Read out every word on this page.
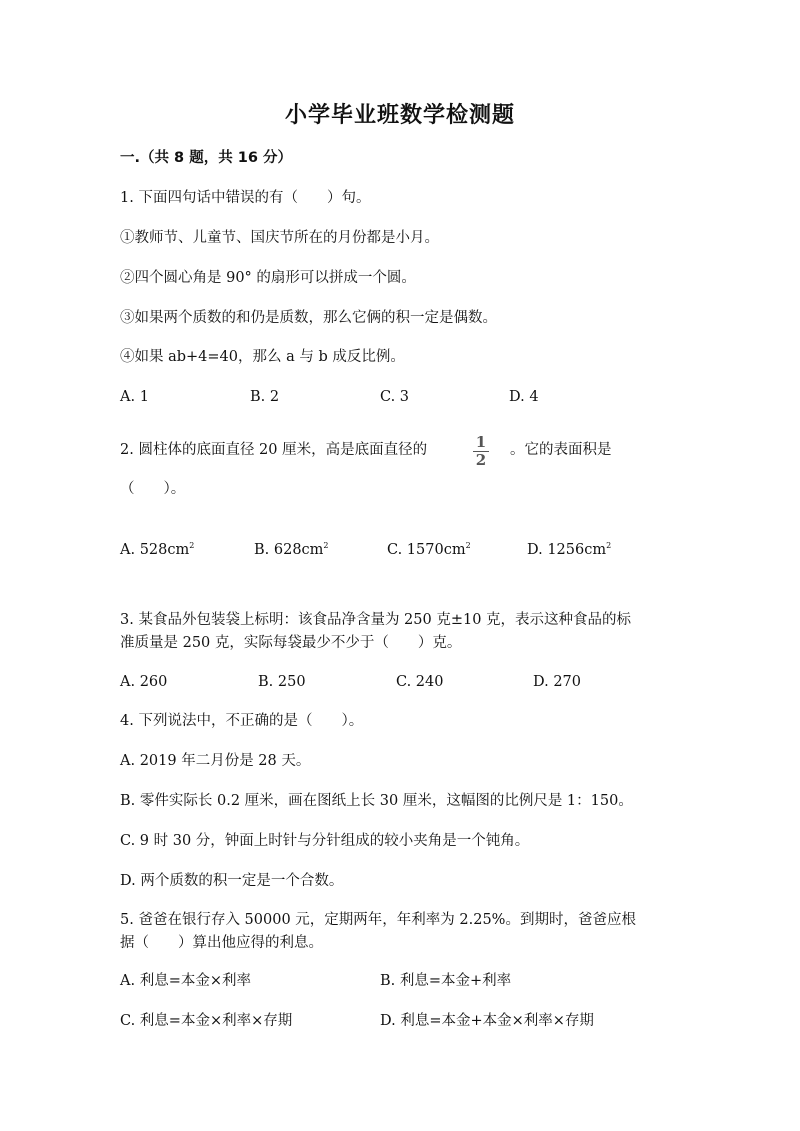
小学毕业班数学检测题
一.（共 8 题，共 16 分）
1. 下面四句话中错误的有（　　）句。
①教师节、儿童节、国庆节所在的月份都是小月。
②四个圆心角是 90° 的扇形可以拼成一个圆。
③如果两个质数的和仍是质数，那么它俩的积一定是偶数。
④如果 ab+4=40，那么 a 与 b 成反比例。
A. 1	B. 2	C. 3	D. 4
2. 圆柱体的底面直径 20 厘米，高是底面直径的	1
2
。它的表面积是
（　　）。
A. $528cm^2$	B. $628cm^2$	C. $1570cm^2$	D. $1256cm^2$
3. 某食品外包装袋上标明：该食品净含量为 250 克±10 克，表示这种食品的标
准质量是 250 克，实际每袋最少不少于（　　）克。
A. 260	B. 250	C. 240	D. 270
4. 下列说法中，不正确的是（　　）。
A. 2019 年二月份是 28 天。
B. 零件实际长 0.2 厘米，画在图纸上长 30 厘米，这幅图的比例尺是 1：150。
C. 9 时 30 分，钟面上时针与分针组成的较小夹角是一个钝角。
D. 两个质数的积一定是一个合数。
5. 爸爸在银行存入 50000 元，定期两年，年利率为 2.25%。到期时，爸爸应根
据（　　）算出他应得的利息。
A. 利息=本金×利率	B. 利息=本金+利率
C. 利息=本金×利率×存期	D. 利息=本金+本金×利率×存期
